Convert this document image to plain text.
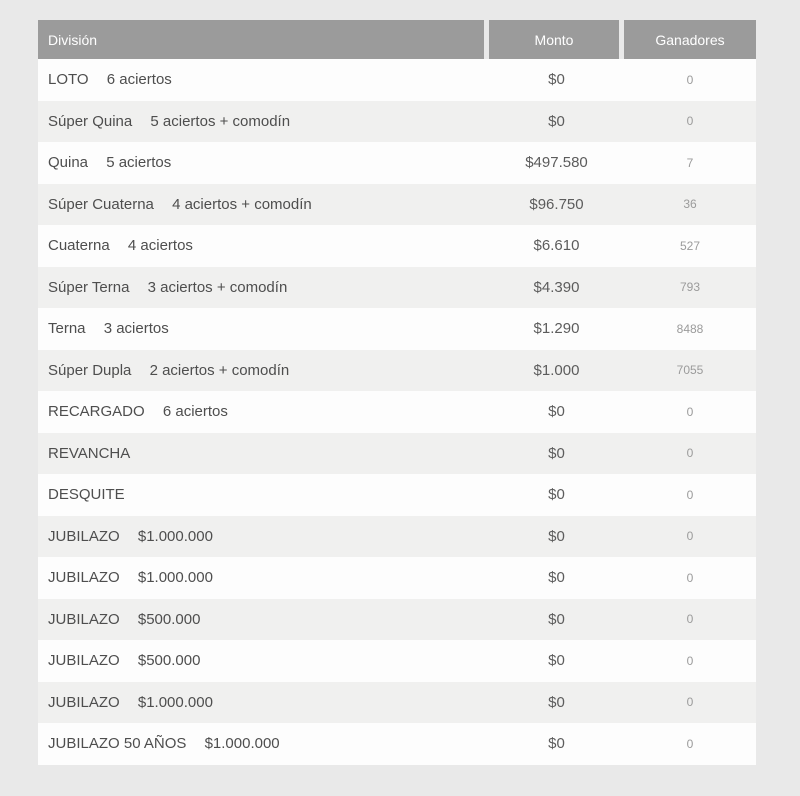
División	Monto	Ganadores
LOTO 6 aciertos	$0	0
Súper Quina 5 aciertos + comodín	$0	0
Quina 5 aciertos	$497.580	7
Súper Cuaterna 4 aciertos + comodín	$96.750	36
Cuaterna 4 aciertos	$6.610	527
Súper Terna 3 aciertos + comodín	$4.390	793
Terna 3 aciertos	$1.290	8488
Súper Dupla 2 aciertos + comodín	$1.000	7055
RECARGADO 6 aciertos	$0	0
REVANCHA	$0	0
DESQUITE	$0	0
JUBILAZO $1.000.000	$0	0
JUBILAZO $1.000.000	$0	0
JUBILAZO $500.000	$0	0
JUBILAZO $500.000	$0	0
JUBILAZO $1.000.000	$0	0
JUBILAZO 50 AÑOS $1.000.000	$0	0
